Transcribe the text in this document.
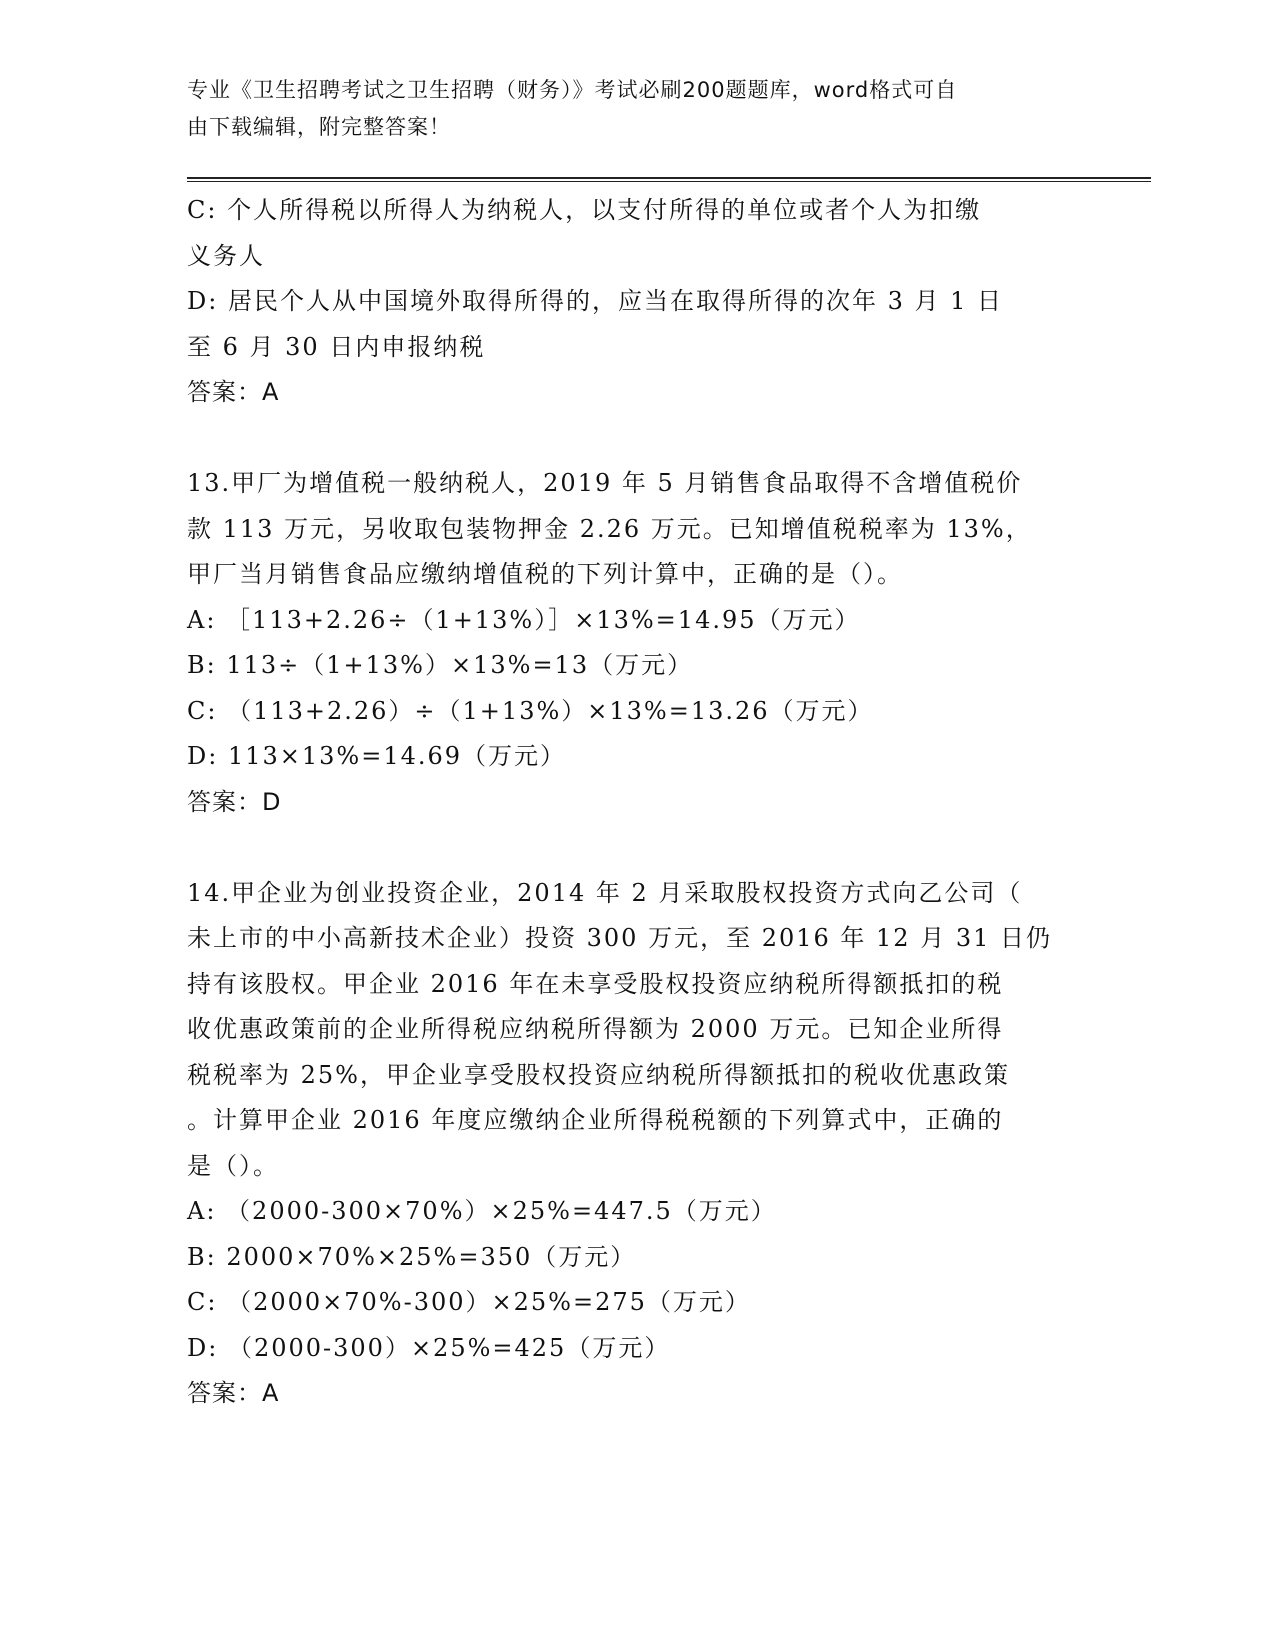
专业《卫生招聘考试之卫生招聘（财务）》考试必刷200题题库，word格式可自
由下载编辑，附完整答案！

C: 个人所得税以所得人为纳税人，以支付所得的单位或者个人为扣缴

义务人

D: 居民个人从中国境外取得所得的，应当在取得所得的次年 3 月 1 日

至 6 月 30 日内申报纳税

答案：A

13.甲厂为增值税一般纳税人，2019 年 5 月销售食品取得不含增值税价

款 113 万元，另收取包装物押金 2.26 万元。已知增值税税率为 13%，

甲厂当月销售食品应缴纳增值税的下列计算中，正确的是（）。

A: ［113+2.26÷（1+13%）］×13%=14.95（万元）

B: 113÷（1+13%）×13%=13（万元）

C: （113+2.26）÷（1+13%）×13%=13.26（万元）

D: 113×13%=14.69（万元）

答案：D

14.甲企业为创业投资企业，2014 年 2 月采取股权投资方式向乙公司（

未上市的中小高新技术企业）投资 300 万元，至 2016 年 12 月 31 日仍

持有该股权。甲企业 2016 年在未享受股权投资应纳税所得额抵扣的税

收优惠政策前的企业所得税应纳税所得额为 2000 万元。已知企业所得

税税率为 25%，甲企业享受股权投资应纳税所得额抵扣的税收优惠政策

。计算甲企业 2016 年度应缴纳企业所得税税额的下列算式中，正确的

是（）。

A: （2000-300×70%）×25%=447.5（万元）

B: 2000×70%×25%=350（万元）

C: （2000×70%-300）×25%=275（万元）

D: （2000-300）×25%=425（万元）

答案：A
